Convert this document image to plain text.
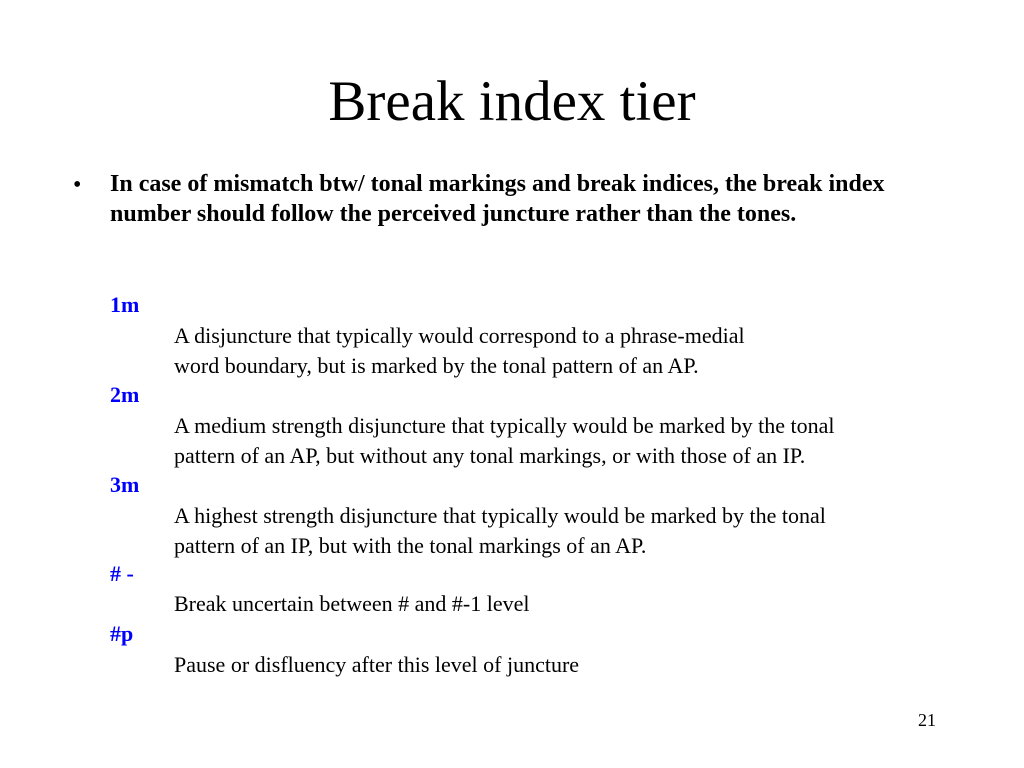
Break index tier
• In case of mismatch btw/ tonal markings and break indices, the break index number should follow the perceived juncture rather than the tones.
1m
A disjuncture that typically would correspond to a phrase-medial
word boundary, but is marked by the tonal pattern of an AP.
2m
A medium strength disjuncture that typically would be marked by the tonal
pattern of an AP, but without any tonal markings, or with those of an IP.
3m
A highest strength disjuncture that typically would be marked by the tonal
pattern of an IP, but with the tonal markings of an AP.
# -
Break uncertain between # and #-1 level
#p
Pause or disfluency after this level of juncture
21
